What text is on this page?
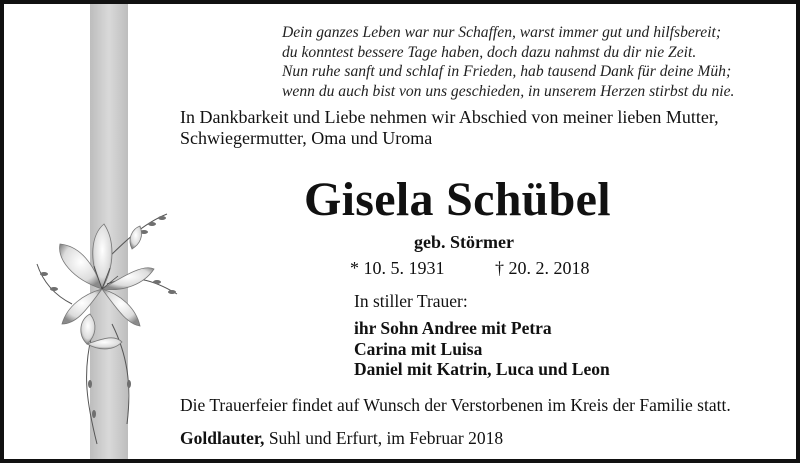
Dein ganzes Leben war nur Schaffen, warst immer gut und hilfsbereit;
du konntest bessere Tage haben, doch dazu nahmst du dir nie Zeit.
Nun ruhe sanft und schlaf in Frieden, hab tausend Dank für deine Müh;
wenn du auch bist von uns geschieden, in unserem Herzen stirbst du nie.
In Dankbarkeit und Liebe nehmen wir Abschied von meiner lieben Mutter,
Schwiegermutter, Oma und Uroma
Gisela Schübel
geb. Störmer
* 10. 5. 1931	† 20. 2. 2018
In stiller Trauer:
ihr Sohn Andree mit Petra
Carina mit Luisa
Daniel mit Katrin, Luca und Leon
Die Trauerfeier findet auf Wunsch der Verstorbenen im Kreis der Familie statt.
Goldlauter, Suhl und Erfurt, im Februar 2018
